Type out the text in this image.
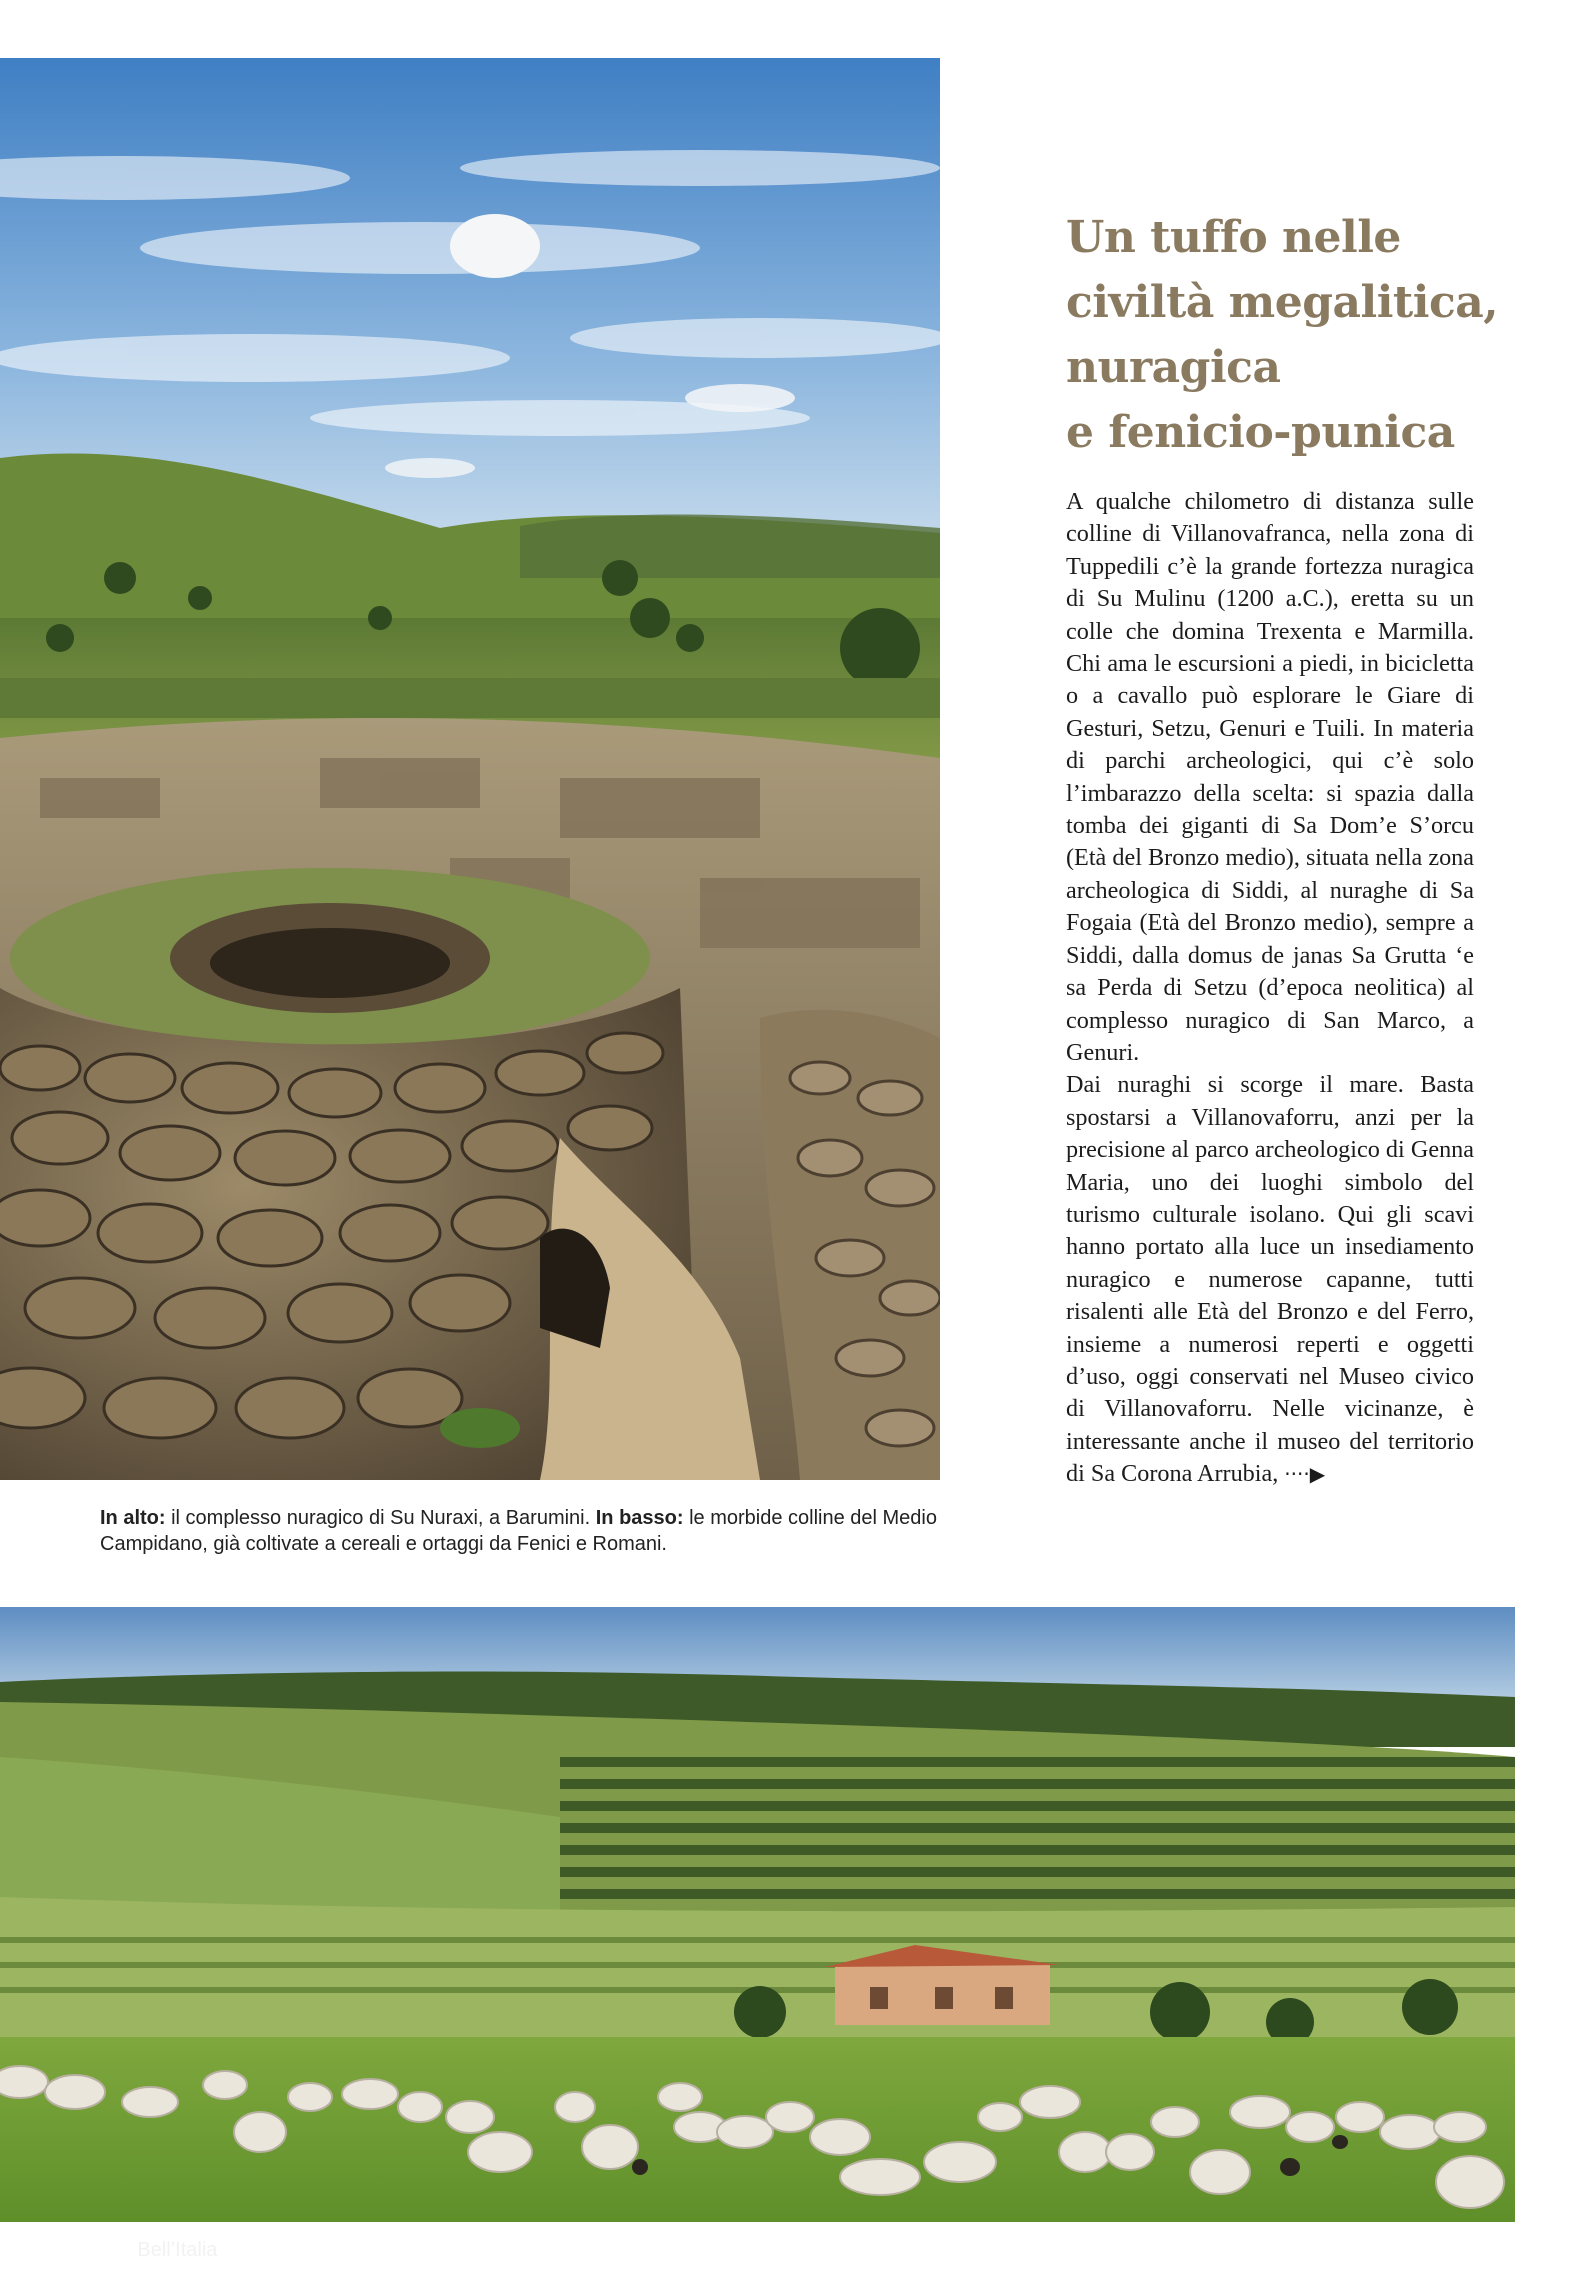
Un tuffo nelle
civiltà megalitica,
nuragica
e fenicio-punica

A qualche chilometro di distanza sulle colline di Villanovafranca, nella zona di Tuppedili c’è la grande fortezza nuragica di Su Mulinu (1200 a.C.), eretta su un colle che domina Trexenta e Marmilla. Chi ama le escursioni a piedi, in bicicletta o a cavallo può esplorare le Giare di Gesturi, Setzu, Genuri e Tuili. In materia di parchi archeologici, qui c’è solo l’imbarazzo della scelta: si spazia dalla tomba dei giganti di Sa Dom’e S’orcu (Età del Bronzo medio), situata nella zona archeologica di Siddi, al nuraghe di Sa Fogaia (Età del Bronzo medio), sempre a Siddi, dalla domus de janas Sa Grutta ‘e sa Perda di Setzu (d’epoca neolitica) al complesso nuragico di San Marco, a Genuri.

Dai nuraghi si scorge il mare. Basta spostarsi a Villanovaforru, anzi per la precisione al parco archeologico di Genna Maria, uno dei luoghi simbolo del turismo culturale isolano. Qui gli scavi hanno portato alla luce un insediamento nuragico e numerose capanne, tutti risalenti alle Età del Bronzo e del Ferro, insieme a numerosi reperti e oggetti d’uso, oggi conservati nel Museo civico di Villanovaforru. Nelle vicinanze, è interessante anche il museo del territorio di Sa Corona Arrubia, ····▶

In alto: il complesso nuragico di Su Nuraxi, a Barumini. In basso: le morbide colline del Medio Campidano, già coltivate a cereali e ortaggi da Fenici e Romani.
138 Bell’Italia
